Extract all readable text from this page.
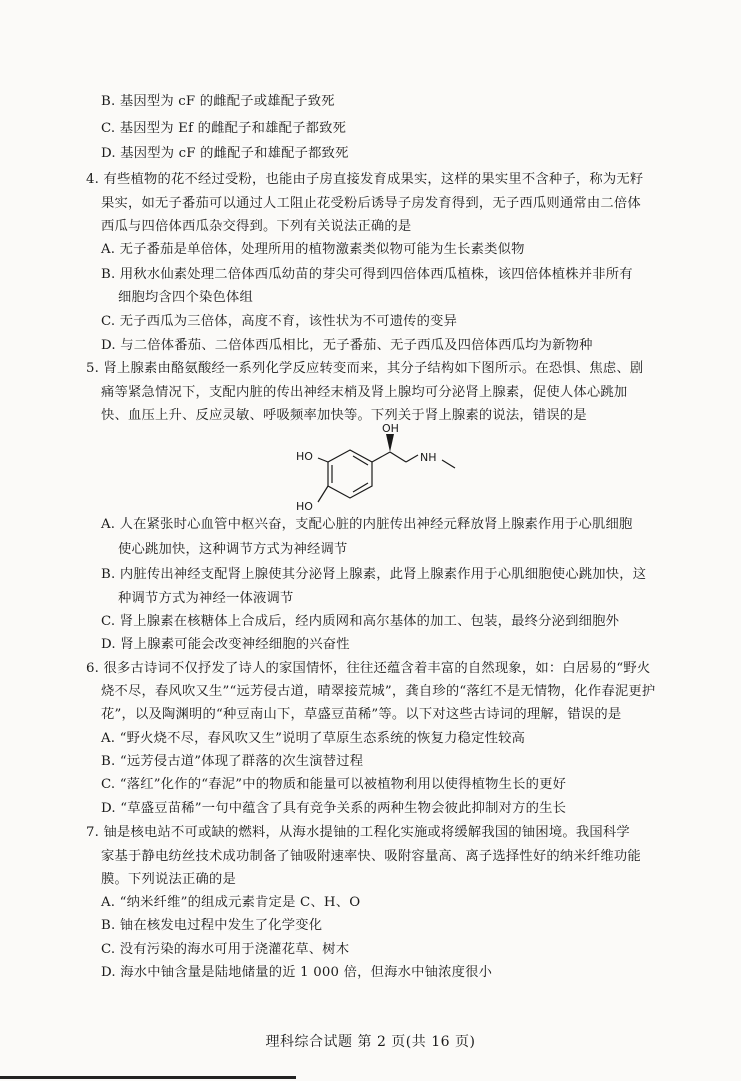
B. 基因型为 cF 的雌配子或雄配子致死
C. 基因型为 Ef 的雌配子和雄配子都致死
D. 基因型为 cF 的雌配子和雄配子都致死
4. 有些植物的花不经过受粉，也能由子房直接发育成果实，这样的果实里不含种子，称为无籽
果实，如无子番茄可以通过人工阻止花受粉后诱导子房发育得到，无子西瓜则通常由二倍体
西瓜与四倍体西瓜杂交得到。下列有关说法正确的是
A. 无子番茄是单倍体，处理所用的植物激素类似物可能为生长素类似物
B. 用秋水仙素处理二倍体西瓜幼苗的芽尖可得到四倍体西瓜植株，该四倍体植株并非所有
细胞均含四个染色体组
C. 无子西瓜为三倍体，高度不育，该性状为不可遗传的变异
D. 与二倍体番茄、二倍体西瓜相比，无子番茄、无子西瓜及四倍体西瓜均为新物种
5. 肾上腺素由酪氨酸经一系列化学反应转变而来，其分子结构如下图所示。在恐惧、焦虑、剧
痛等紧急情况下，支配内脏的传出神经末梢及肾上腺均可分泌肾上腺素，促使人体心跳加
快、血压上升、反应灵敏、呼吸频率加快等。下列关于肾上腺素的说法，错误的是
OH
HO
HO
NH
A. 人在紧张时心血管中枢兴奋，支配心脏的内脏传出神经元释放肾上腺素作用于心肌细胞
使心跳加快，这种调节方式为神经调节
B. 内脏传出神经支配肾上腺使其分泌肾上腺素，此肾上腺素作用于心肌细胞使心跳加快，这
种调节方式为神经一体液调节
C. 肾上腺素在核糖体上合成后，经内质网和高尔基体的加工、包装，最终分泌到细胞外
D. 肾上腺素可能会改变神经细胞的兴奋性
6. 很多古诗词不仅抒发了诗人的家国情怀，往往还蕴含着丰富的自然现象，如：白居易的“野火
烧不尽，春风吹又生”“远芳侵古道，晴翠接荒城”，龚自珍的“落红不是无情物，化作春泥更护
花”，以及陶渊明的“种豆南山下，草盛豆苗稀”等。以下对这些古诗词的理解，错误的是
A. “野火烧不尽，春风吹又生”说明了草原生态系统的恢复力稳定性较高
B. “远芳侵古道”体现了群落的次生演替过程
C. “落红”化作的“春泥”中的物质和能量可以被植物利用以使得植物生长的更好
D. “草盛豆苗稀”一句中蕴含了具有竞争关系的两种生物会彼此抑制对方的生长
7. 铀是核电站不可或缺的燃料，从海水提铀的工程化实施或将缓解我国的铀困境。我国科学
家基于静电纺丝技术成功制备了铀吸附速率快、吸附容量高、离子选择性好的纳米纤维功能
膜。下列说法正确的是
A. “纳米纤维”的组成元素肯定是 C、H、O
B. 铀在核发电过程中发生了化学变化
C. 没有污染的海水可用于浇灌花草、树木
D. 海水中铀含量是陆地储量的近 1 000 倍，但海水中铀浓度很小
理科综合试题 第 2 页(共 16 页)
